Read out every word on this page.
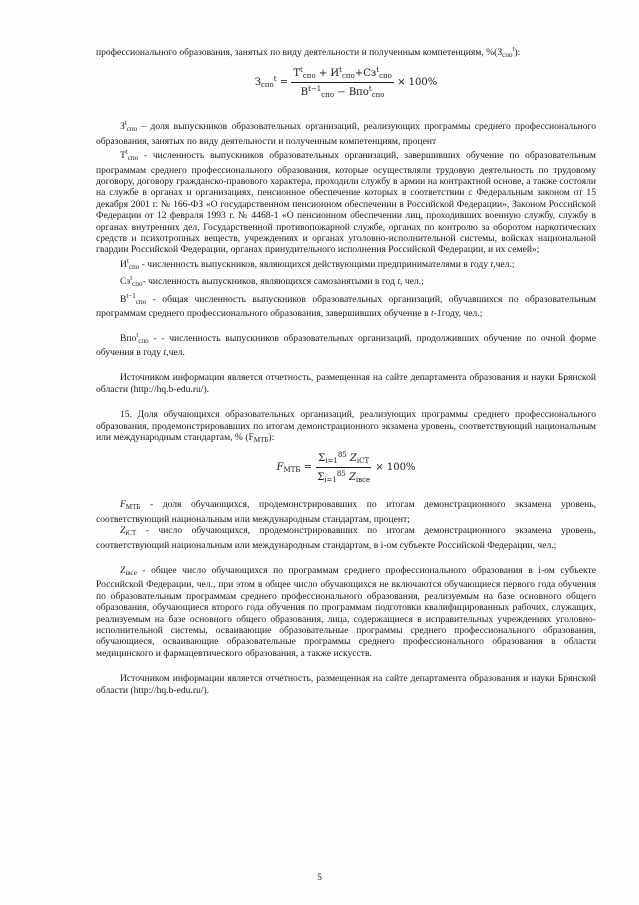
профессионального образования, занятых по виду деятельности и полученным компетенциям, $\%(З_{спо}^t)$:

$З_{спо}^t = \frac{Т^t_{спо} + И^t_{спо}+Сз^t_{спо}}{В^{t-1}_{спо} - Впо^t_{спо}} \times 100\%$

$З^t_{спо}$ – доля выпускников образовательных организаций, реализующих программы среднего профессионального образования, занятых по виду деятельности и полученным компетенциям, процент

$Т^t_{спо}$ - численность выпускников образовательных организаций, завершивших обучение по образовательным программам среднего профессионального образования, которые осуществляли трудовую деятельность по трудовому договору, договору гражданско-правового характера, проходили службу в армии на контрактной основе, а также состояли на службе в органах и организациях, пенсионное обеспечение которых в соответствии с Федеральным законом от 15 декабря 2001 г. № 166-ФЗ «О государственном пенсионном обеспечении в Российской Федерации», Законом Российской Федерации от 12 февраля 1993 г. № 4468-1 «О пенсионном обеспечении лиц, проходивших военную службу, службу в органах внутренних дел, Государственной противопожарной службе, органах по контролю за оборотом наркотических средств и психотропных веществ, учреждениях и органах уголовно-исполнительной системы, войсках национальной гвардии Российской Федерации, органах принудительного исполнения Российской Федерации, и их семей»;

$И^t_{спо}$ - численность выпускников, являющихся действующими предпринимателями в году t,чел.;

$Сз^t_{спо}-$ численность выпускников, являющихся самозанятыми в год t, чел.;

$В^{t-1}_{спо}$ - общая численность выпускников образовательных организаций, обучавшихся по образовательным программам среднего профессионального образования, завершивших обучение в t-1году, чел.;

Впо$^t_{спо}$ - - численность выпускников образовательных организаций, продолживших обучение по очной форме обучения в году t,чел.

Источником информации является отчетность, размещенная на сайте департамента образования и науки Брянской области (http://hq.b-edu.ru/).

15. Доля обучающихся образовательных организаций, реализующих программы среднего профессионального образования, продемонстрировавших по итогам демонстрационного экзамена уровень, соответствующий национальным или международным стандартам, % $(F_{МТБ})$:

$F_{МТБ} = \frac{\Sigma_{i=1}^{85} Z_{iCT}}{\Sigma_{i=1}^{85} Z_{iвсе}} \times 100\%$

$F_{МТБ}$ - доля обучающихся, продемонстрировавших по итогам демонстрационного экзамена уровень, соответствующий национальным или международным стандартам, процент;

$Z_{iCT}$ - число обучающихся, продемонстрировавших по итогам демонстрационного экзамена уровень, соответствующий национальным или международным стандартам, в i-ом субъекте Российской Федерации, чел.;

$Z_{iвсе}$ - общее число обучающихся по программам среднего профессионального образования в i-ом субъекте Российской Федерации, чел., при этом в общее число обучающихся не включаются обучающиеся первого года обучения по образовательным программам среднего профессионального образования, реализуемым на базе основного общего образования, обучающиеся второго года обучения по программам подготовки квалифицированных рабочих, служащих, реализуемым на базе основного общего образования, лица, содержащиеся в исправительных учреждениях уголовно-исполнительной системы, осваивающие образовательные программы среднего профессионального образования, обучающиеся, осваивающие образовательные программы среднего профессионального образования в области медицинского и фармацевтического образования, а также искусств.

Источником информации является отчетность, размещенная на сайте департамента образования и науки Брянской области (http://hq.b-edu.ru/).

5
